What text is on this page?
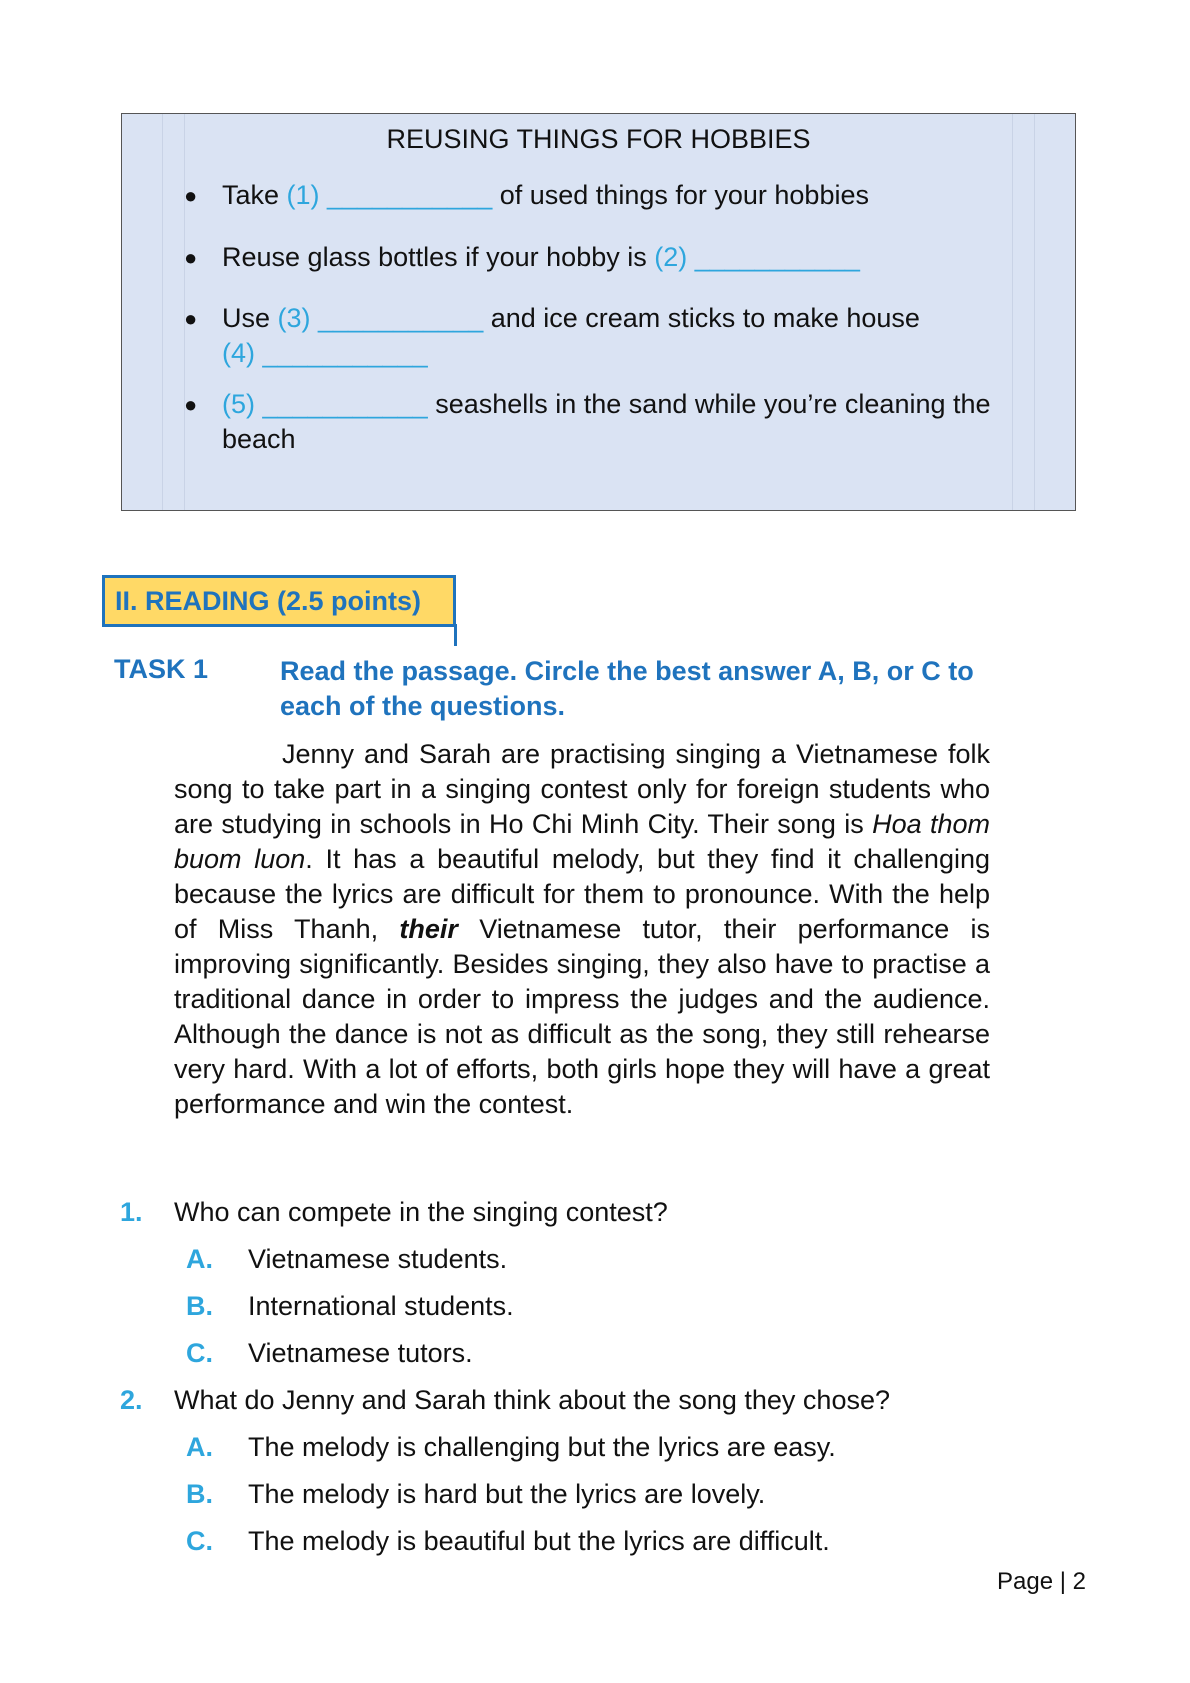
REUSING THINGS FOR HOBBIES
● Take (1) ___________ of used things for your hobbies
● Reuse glass bottles if your hobby is (2) ___________
● Use (3) ___________ and ice cream sticks to make house
(4) ___________
● (5) ___________ seashells in the sand while you’re cleaning the beach
II. READING (2.5 points)
TASK 1	Read the passage. Circle the best answer A, B, or C to each of the questions.
Jenny and Sarah are practising singing a Vietnamese folk song to take part in a singing contest only for foreign students who are studying in schools in Ho Chi Minh City. Their song is Hoa thom buom luon. It has a beautiful melody, but they find it challenging because the lyrics are difficult for them to pronounce. With the help of Miss Thanh, their Vietnamese tutor, their performance is improving significantly. Besides singing, they also have to practise a traditional dance in order to impress the judges and the audience. Although the dance is not as difficult as the song, they still rehearse very hard. With a lot of efforts, both girls hope they will have a great performance and win the contest.
1. Who can compete in the singing contest?
A. Vietnamese students.
B. International students.
C. Vietnamese tutors.
2. What do Jenny and Sarah think about the song they chose?
A. The melody is challenging but the lyrics are easy.
B. The melody is hard but the lyrics are lovely.
C. The melody is beautiful but the lyrics are difficult.
Page | 2
